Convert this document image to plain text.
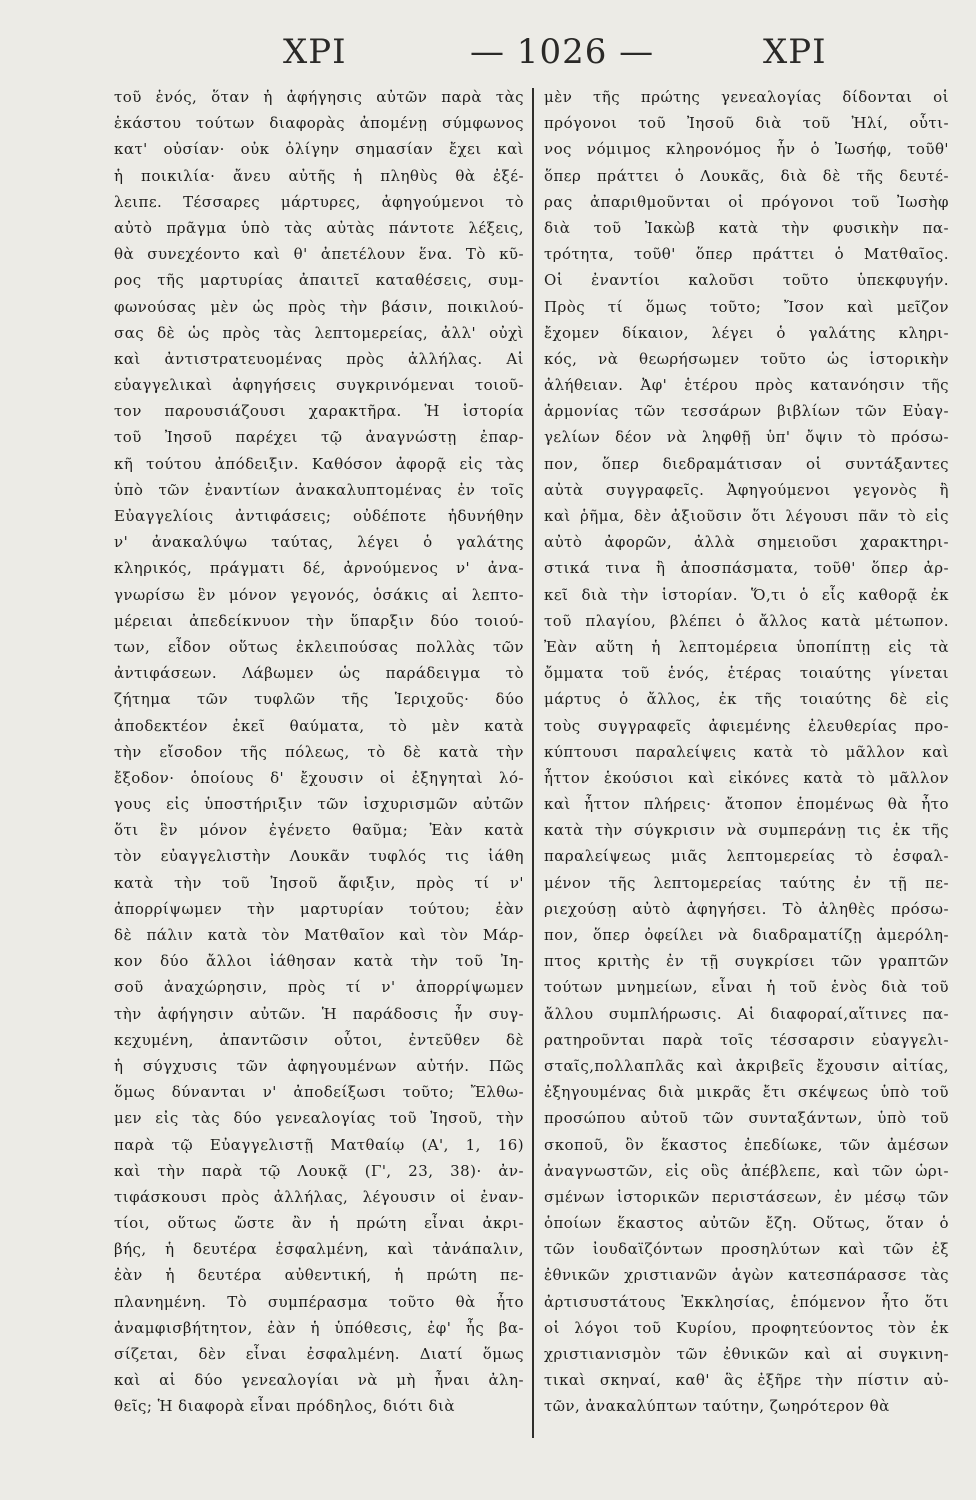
ΧΡΙ	— 1026 —	ΧΡΙ
τοῦ ἑνός, ὅταν ἡ ἀφήγησις αὐτῶν παρὰ τὰς
ἑκάστου τούτων διαφορὰς ἀπομένῃ σύμφωνος
κατ' οὐσίαν· οὐκ ὀλίγην σημασίαν ἔχει καὶ
ἡ ποικιλία· ἄνευ αὐτῆς ἡ πληθὺς θὰ ἐξέ-
λειπε. Τέσσαρες μάρτυρες, ἀφηγούμενοι τὸ
αὐτὸ πρᾶγμα ὑπὸ τὰς αὐτὰς πάντοτε λέξεις,
θὰ συνεχέοντο καὶ θ' ἀπετέλουν ἕνα. Τὸ κῦ-
ρος τῆς μαρτυρίας ἀπαιτεῖ καταθέσεις, συμ-
φωνούσας μὲν ὡς πρὸς τὴν βάσιν, ποικιλού-
σας δὲ ὡς πρὸς τὰς λεπτομερείας, ἀλλ' οὐχὶ
καὶ ἀντιστρατευομένας πρὸς ἀλλήλας. Αἱ
εὐαγγελικαὶ ἀφηγήσεις συγκρινόμεναι τοιοῦ-
τον παρουσιάζουσι χαρακτῆρα. Ἡ ἱστορία
τοῦ Ἰησοῦ παρέχει τῷ ἀναγνώστῃ ἐπαρ-
κῆ τούτου ἀπόδειξιν. Καθόσον ἀφορᾷ εἰς τὰς
ὑπὸ τῶν ἐναντίων ἀνακαλυπτομένας ἐν τοῖς
Εὐαγγελίοις ἀντιφάσεις; οὐδέποτε ἠδυνήθην
ν' ἀνακαλύψω ταύτας, λέγει ὁ γαλάτης
κληρικός, πράγματι δέ, ἀρνούμενος ν' ἀνα-
γνωρίσω ἓν μόνον γεγονός, ὁσάκις αἱ λεπτο-
μέρειαι ἀπεδείκνυον τὴν ὕπαρξιν δύο τοιού-
των, εἶδον οὕτως ἐκλειπούσας πολλὰς τῶν
ἀντιφάσεων. Λάβωμεν ὡς παράδειγμα τὸ
ζήτημα τῶν τυφλῶν τῆς Ἱεριχοῦς· δύο
ἀποδεκτέον ἐκεῖ θαύματα, τὸ μὲν κατὰ
τὴν εἴσοδον τῆς πόλεως, τὸ δὲ κατὰ τὴν
ἔξοδον· ὁποίους δ' ἔχουσιν οἱ ἐξηγηταὶ λό-
γους εἰς ὑποστήριξιν τῶν ἰσχυρισμῶν αὐτῶν
ὅτι ἓν μόνον ἐγένετο θαῦμα; Ἐὰν κατὰ
τὸν εὐαγγελιστὴν Λουκᾶν τυφλός τις ἰάθη
κατὰ τὴν τοῦ Ἰησοῦ ἄφιξιν, πρὸς τί ν'
ἀπορρίψωμεν τὴν μαρτυρίαν τούτου; ἐὰν
δὲ πάλιν κατὰ τὸν Ματθαῖον καὶ τὸν Μάρ-
κον δύο ἄλλοι ἰάθησαν κατὰ τὴν τοῦ Ἰη-
σοῦ ἀναχώρησιν, πρὸς τί ν' ἀπορρίψωμεν
τὴν ἀφήγησιν αὐτῶν. Ἡ παράδοσις ἦν συγ-
κεχυμένη, ἀπαντῶσιν οὗτοι, ἐντεῦθεν δὲ
ἡ σύγχυσις τῶν ἀφηγουμένων αὐτήν. Πῶς
ὅμως δύνανται ν' ἀποδείξωσι τοῦτο; Ἔλθω-
μεν εἰς τὰς δύο γενεαλογίας τοῦ Ἰησοῦ, τὴν
παρὰ τῷ Εὐαγγελιστῇ Ματθαίῳ (Α', 1, 16)
καὶ τὴν παρὰ τῷ Λουκᾷ (Γ', 23, 38)· ἀν-
τιφάσκουσι πρὸς ἀλλήλας, λέγουσιν οἱ ἐναν-
τίοι, οὕτως ὥστε ἂν ἡ πρώτη εἶναι ἀκρι-
βής, ἡ δευτέρα ἐσφαλμένη, καὶ τἀνάπαλιν,
ἐὰν ἡ δευτέρα αὐθεντική, ἡ πρώτη πε-
πλανημένη. Τὸ συμπέρασμα τοῦτο θὰ ἦτο
ἀναμφισβήτητον, ἐὰν ἡ ὑπόθεσις, ἐφ' ἧς βα-
σίζεται, δὲν εἶναι ἐσφαλμένη. Διατί ὅμως
καὶ αἱ δύο γενεαλογίαι νὰ μὴ ἦναι ἀλη-
θεῖς; Ἡ διαφορὰ εἶναι πρόδηλος, διότι διὰ
μὲν τῆς πρώτης γενεαλογίας δίδονται οἱ
πρόγονοι τοῦ Ἰησοῦ διὰ τοῦ Ἠλί, οὗτι-
νος νόμιμος κληρονόμος ἦν ὁ Ἰωσήφ, τοῦθ'
ὅπερ πράττει ὁ Λουκᾶς, διὰ δὲ τῆς δευτέ-
ρας ἀπαριθμοῦνται οἱ πρόγονοι τοῦ Ἰωσὴφ
διὰ τοῦ Ἰακὼβ κατὰ τὴν φυσικὴν πα-
τρότητα, τοῦθ' ὅπερ πράττει ὁ Ματθαῖος.
Οἱ ἐναντίοι καλοῦσι τοῦτο ὑπεκφυγήν.
Πρὸς τί ὅμως τοῦτο; Ἴσον καὶ μεῖζον
ἔχομεν δίκαιον, λέγει ὁ γαλάτης κληρι-
κός, νὰ θεωρήσωμεν τοῦτο ὡς ἱστορικὴν
ἀλήθειαν. Ἀφ' ἑτέρου πρὸς κατανόησιν τῆς
ἁρμονίας τῶν τεσσάρων βιβλίων τῶν Εὐαγ-
γελίων δέον νὰ ληφθῇ ὑπ' ὄψιν τὸ πρόσω-
πον, ὅπερ διεδραμάτισαν οἱ συντάξαντες
αὐτὰ συγγραφεῖς. Ἀφηγούμενοι γεγονὸς ἢ
καὶ ῥῆμα, δὲν ἀξιοῦσιν ὅτι λέγουσι πᾶν τὸ εἰς
αὐτὸ ἀφορῶν, ἀλλὰ σημειοῦσι χαρακτηρι-
στικά τινα ἢ ἀποσπάσματα, τοῦθ' ὅπερ ἀρ-
κεῖ διὰ τὴν ἱστορίαν. Ὅ,τι ὁ εἷς καθορᾷ ἐκ
τοῦ πλαγίου, βλέπει ὁ ἄλλος κατὰ μέτωπον.
Ἐὰν αὕτη ἡ λεπτομέρεια ὑποπίπτῃ εἰς τὰ
ὄμματα τοῦ ἑνός, ἑτέρας τοιαύτης γίνεται
μάρτυς ὁ ἄλλος, ἐκ τῆς τοιαύτης δὲ εἰς
τοὺς συγγραφεῖς ἀφιεμένης ἐλευθερίας προ-
κύπτουσι παραλείψεις κατὰ τὸ μᾶλλον καὶ
ἧττον ἑκούσιοι καὶ εἰκόνες κατὰ τὸ μᾶλλον
καὶ ἧττον πλήρεις· ἄτοπον ἑπομένως θὰ ἦτο
κατὰ τὴν σύγκρισιν νὰ συμπεράνῃ τις ἐκ τῆς
παραλείψεως μιᾶς λεπτομερείας τὸ ἐσφαλ-
μένον τῆς λεπτομερείας ταύτης ἐν τῇ πε-
ριεχούσῃ αὐτὸ ἀφηγήσει. Τὸ ἀληθὲς πρόσω-
πον, ὅπερ ὀφείλει νὰ διαδραματίζῃ ἀμερόλη-
πτος κριτὴς ἐν τῇ συγκρίσει τῶν γραπτῶν
τούτων μνημείων, εἶναι ἡ τοῦ ἑνὸς διὰ τοῦ
ἄλλου συμπλήρωσις. Αἱ διαφοραί,αἵτινες πα-
ρατηροῦνται παρὰ τοῖς τέσσαρσιν εὐαγγελι-
σταῖς,πολλαπλᾶς καὶ ἀκριβεῖς ἔχουσιν αἰτίας,
ἐξηγουμένας διὰ μικρᾶς ἔτι σκέψεως ὑπὸ τοῦ
προσώπου αὐτοῦ τῶν συνταξάντων, ὑπὸ τοῦ
σκοποῦ, ὃν ἕκαστος ἐπεδίωκε, τῶν ἀμέσων
ἀναγνωστῶν, εἰς οὓς ἀπέβλεπε, καὶ τῶν ὡρι-
σμένων ἱστορικῶν περιστάσεων, ἐν μέσῳ τῶν
ὁποίων ἕκαστος αὐτῶν ἔζη. Οὕτως, ὅταν ὁ
τῶν ἰουδαϊζόντων προσηλύτων καὶ τῶν ἐξ
ἐθνικῶν χριστιανῶν ἀγὼν κατεσπάρασσε τὰς
ἀρτισυστάτους Ἐκκλησίας, ἑπόμενον ἦτο ὅτι
οἱ λόγοι τοῦ Κυρίου, προφητεύοντος τὸν ἐκ
χριστιανισμὸν τῶν ἐθνικῶν καὶ αἱ συγκινη-
τικαὶ σκηναί, καθ' ἃς ἐξῆρε τὴν πίστιν αὐ-
τῶν, ἀνακαλύπτων ταύτην, ζωηρότερον θὰ
